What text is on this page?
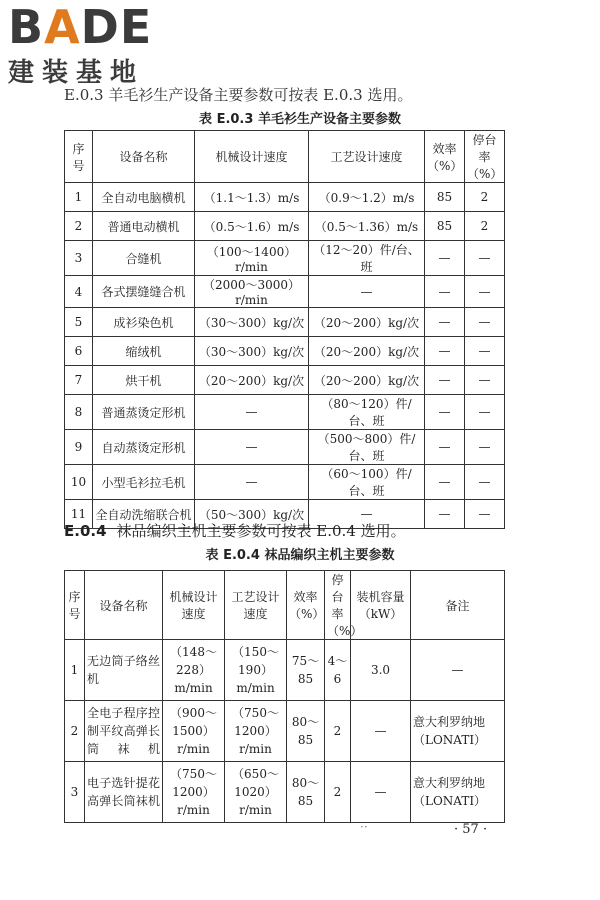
BADE
建装基地
E.0.3 羊毛衫生产设备主要参数可按表 E.0.3 选用。
表 E.0.3 羊毛衫生产设备主要参数
序号	设备名称	机械设计速度	工艺设计速度	效率（%）	停台率（%）
1	全自动电脑横机	（1.1～1.3）m/s	（0.9～1.2）m/s	85	2
2	普通电动横机	（0.5～1.6）m/s	（0.5～1.36）m/s	85	2
3	合缝机	（100～1400）r/min	（12～20）件/台、班	—	—
4	各式摆缝缝合机	（2000～3000）r/min	—	—	—
5	成衫染色机	（30～300）kg/次	（20～200）kg/次	—	—
6	缩绒机	（30～300）kg/次	（20～200）kg/次	—	—
7	烘干机	（20～200）kg/次	（20～200）kg/次	—	—
8	普通蒸烫定形机	—	（80～120）件/台、班	—	—
9	自动蒸烫定形机	—	（500～800）件/台、班	—	—
10	小型毛衫拉毛机	—	（60～100）件/台、班	—	—
11	全自动洗缩联合机	（50～300）kg/次	—	—	—
E.0.4 袜品编织主机主要参数可按表 E.0.4 选用。
表 E.0.4 袜品编织主机主要参数
序号	设备名称	机械设计速度	工艺设计速度	效率（%）	停台率（%）	装机容量（kW）	备注
1	无边筒子络丝机	（148～228）m/min	（150～190）m/min	75～85	4～6	3.0	—
2	全电子程序控制平纹高弹长筒袜机	（900～1500）r/min	（750～1200）r/min	80～85	2	—	意大利罗纳地（LONATI）
3	电子选针提花高弹长筒袜机	（750～1200）r/min	（650～1020）r/min	80～85	2	—	意大利罗纳地（LONATI）
··	· 57 ·
